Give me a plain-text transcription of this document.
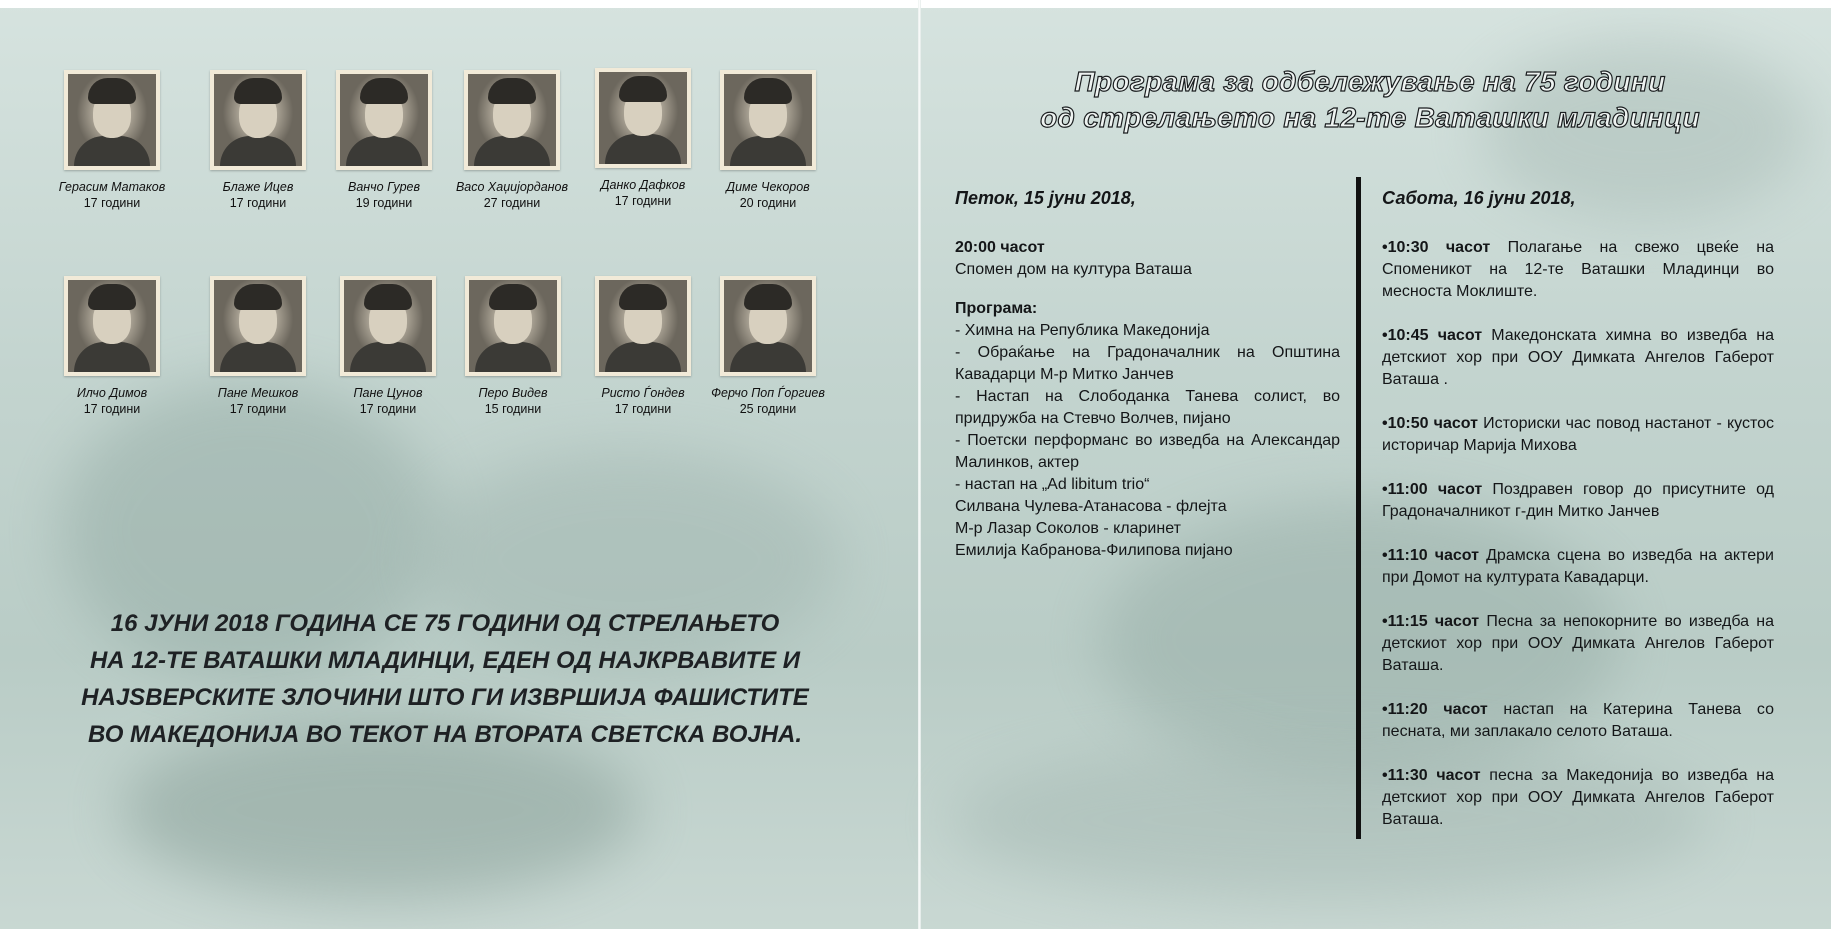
Герасим Матаков
17 години
Блаже Ицев
17 години
Ванчо Гурев
19 години
Васо Хаџијорданов
27 години
Данко Дафков
17 години
Диме Чекоров
20 години
Илчо Димов
17 години
Пане Мешков
17 години
Пане Цунов
17 години
Перо Видев
15 години
Ристо Ѓондев
17 години
Ферчо Поп Ѓоргиев
25 години
16 ЈУНИ 2018 ГОДИНА СЕ 75 ГОДИНИ ОД СТРЕЛАЊЕТО
НА 12-ТЕ ВАТАШКИ МЛАДИНЦИ, ЕДЕН ОД НАЈКРВАВИТЕ И
НАЈЅВЕРСКИТЕ ЗЛОЧИНИ ШТО ГИ ИЗВРШИЈА ФАШИСТИТЕ
ВО МАКЕДОНИЈА ВО ТЕКОТ НА ВТОРАТА СВЕТСКА ВОЈНА.
Програма за одбележување на 75 години
од стрелањето на 12-те Ваташки младинци
Петок, 15 јуни 2018,
20:00 часот
Спомен дом на култура Ваташа
Програма:
- Химна на Република Македонија
- Обраќање на Градоначалник на Општина Кавадарци М-р Митко Јанчев
- Настап на Слободанка Танева солист, во придружба на Стевчо Волчев, пијано
- Поетски перформанс во изведба на Александар Малинков, актер
- настап на „Ad libitum trio“
Силвана Чулева-Атанасова - флејта
М-р Лазар Соколов - кларинет
Емилија Кабранова-Филипова пијано
Сабота, 16 јуни 2018,
•10:30 часот Полагање на свежо цвеќе на Споменикот на 12-те Ваташки Младинци во месноста Моклиште.
•10:45 часот Македонската химна во изведба на детскиот хор при ООУ Димката Ангелов Габерот Ваташа .
•10:50 часот Историски час повод настанот - кустос историчар Марија Михова
•11:00 часот Поздравен говор до присутните од Градоначалникот г-дин Митко Јанчев
•11:10 часот Драмска сцена во изведба на актери при Домот на културата Кавадарци.
•11:15 часот Песна за непокорните во изведба на детскиот хор при ООУ Димката Ангелов Габерот Ваташа.
•11:20 часот настап на Катерина Танева со песната, ми заплакало селото Ваташа.
•11:30 часот песна за Македонија во изведба на детскиот хор при ООУ Димката Ангелов Габерот Ваташа.
